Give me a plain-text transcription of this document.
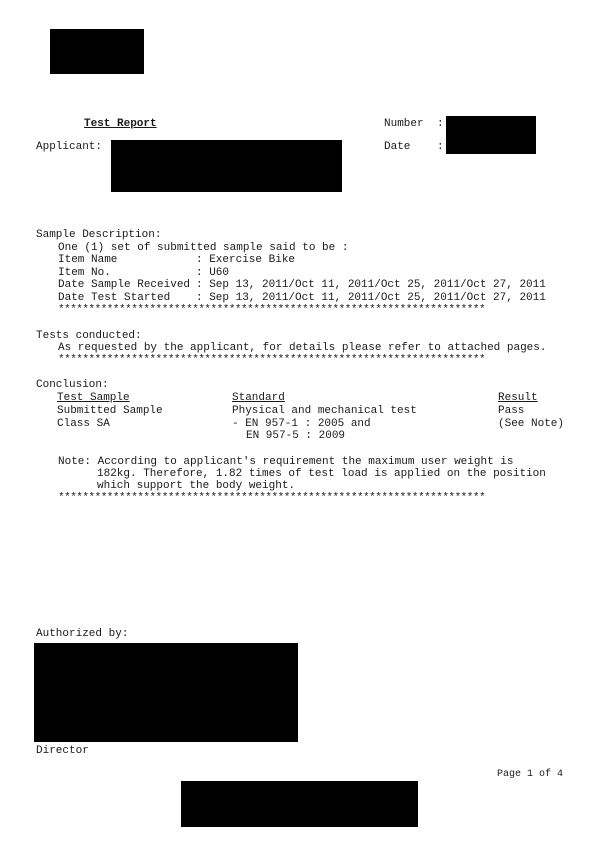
Test Report	Number :
Applicant:	Date :
Sample Description:
One (1) set of submitted sample said to be :
Item Name	: Exercise Bike
Item No.	: U60
Date Sample Received : Sep 13, 2011/Oct 11, 2011/Oct 25, 2011/Oct 27, 2011
Date Test Started : Sep 13, 2011/Oct 11, 2011/Oct 25, 2011/Oct 27, 2011
**********************************************************************
Tests conducted:
As requested by the applicant, for details please refer to attached pages.
**********************************************************************
Conclusion:
Test Sample	Standard	Result
Submitted Sample	Physical and mechanical test	Pass
Class SA	- EN 957-1 : 2005 and	(See Note)
EN 957-5 : 2009
Note: According to applicant's requirement the maximum user weight is
182kg. Therefore, 1.82 times of test load is applied on the position
which support the body weight.
**********************************************************************
Authorized by:
Director
Page 1 of 4
